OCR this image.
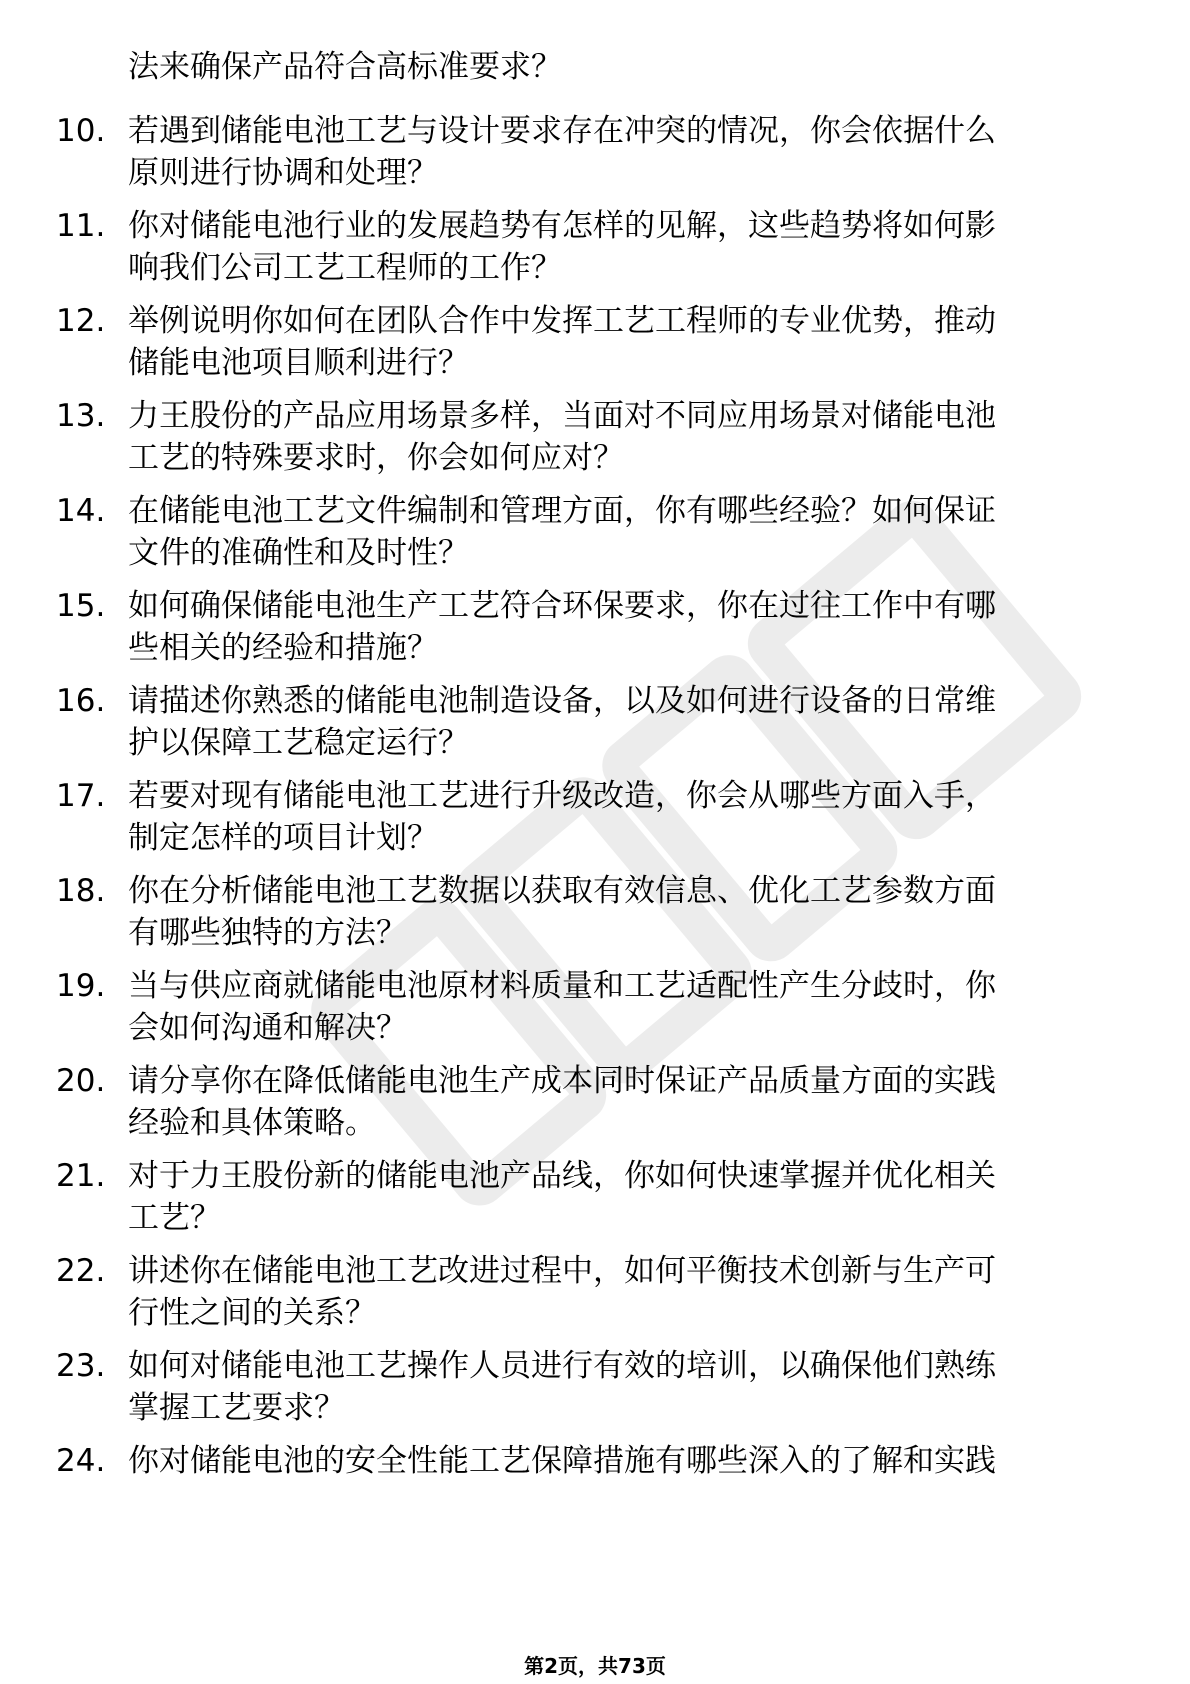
法来确保产品符合高标准要求？
10. 若遇到储能电池工艺与设计要求存在冲突的情况，你会依据什么
原则进行协调和处理？
11. 你对储能电池行业的发展趋势有怎样的见解，这些趋势将如何影
响我们公司工艺工程师的工作？
12. 举例说明你如何在团队合作中发挥工艺工程师的专业优势，推动
储能电池项目顺利进行？
13. 力王股份的产品应用场景多样，当面对不同应用场景对储能电池
工艺的特殊要求时，你会如何应对？
14. 在储能电池工艺文件编制和管理方面，你有哪些经验？如何保证
文件的准确性和及时性？
15. 如何确保储能电池生产工艺符合环保要求，你在过往工作中有哪
些相关的经验和措施？
16. 请描述你熟悉的储能电池制造设备，以及如何进行设备的日常维
护以保障工艺稳定运行？
17. 若要对现有储能电池工艺进行升级改造，你会从哪些方面入手，
制定怎样的项目计划？
18. 你在分析储能电池工艺数据以获取有效信息、优化工艺参数方面
有哪些独特的方法？
19. 当与供应商就储能电池原材料质量和工艺适配性产生分歧时，你
会如何沟通和解决？
20. 请分享你在降低储能电池生产成本同时保证产品质量方面的实践
经验和具体策略。
21. 对于力王股份新的储能电池产品线，你如何快速掌握并优化相关
工艺？
22. 讲述你在储能电池工艺改进过程中，如何平衡技术创新与生产可
行性之间的关系？
23. 如何对储能电池工艺操作人员进行有效的培训，以确保他们熟练
掌握工艺要求？
24. 你对储能电池的安全性能工艺保障措施有哪些深入的了解和实践
第2页，共73页
